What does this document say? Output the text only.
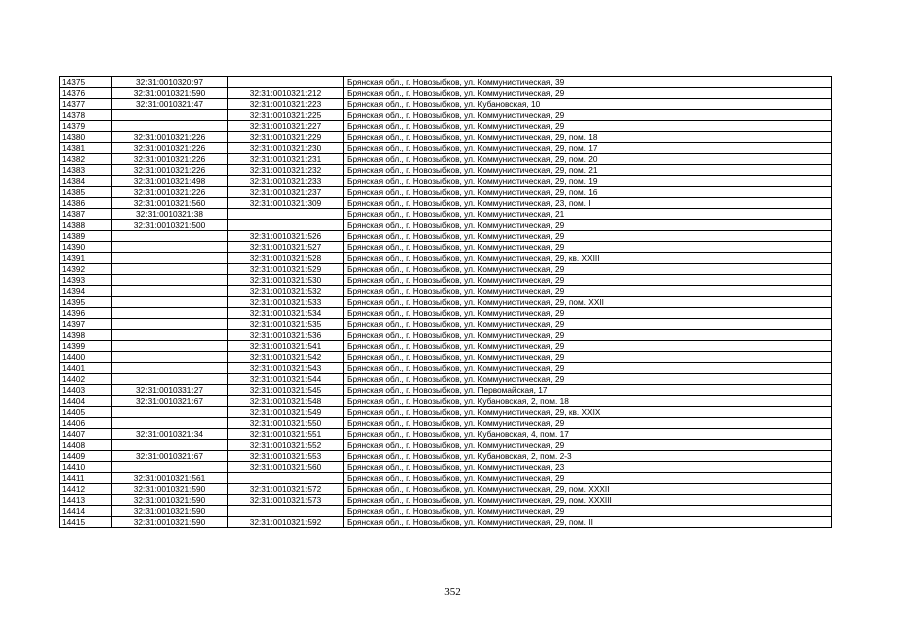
14375	32:31:0010320:97		Брянская обл., г. Новозыбков, ул. Коммунистическая, 39
14376	32:31:0010321:590	32:31:0010321:212	Брянская обл., г. Новозыбков, ул. Коммунистическая, 29
14377	32:31:0010321:47	32:31:0010321:223	Брянская обл., г. Новозыбков, ул. Кубановская, 10
14378		32:31:0010321:225	Брянская обл., г. Новозыбков, ул. Коммунистическая, 29
14379		32:31:0010321:227	Брянская обл., г. Новозыбков, ул. Коммунистическая, 29
14380	32:31:0010321:226	32:31:0010321:229	Брянская обл., г. Новозыбков, ул. Коммунистическая, 29, пом. 18
14381	32:31:0010321:226	32:31:0010321:230	Брянская обл., г. Новозыбков, ул. Коммунистическая, 29, пом. 17
14382	32:31:0010321:226	32:31:0010321:231	Брянская обл., г. Новозыбков, ул. Коммунистическая, 29, пом. 20
14383	32:31:0010321:226	32:31:0010321:232	Брянская обл., г. Новозыбков, ул. Коммунистическая, 29, пом. 21
14384	32:31:0010321:498	32:31:0010321:233	Брянская обл., г. Новозыбков, ул. Коммунистическая, 29, пом. 19
14385	32:31:0010321:226	32:31:0010321:237	Брянская обл., г. Новозыбков, ул. Коммунистическая, 29, пом. 16
14386	32:31:0010321:560	32:31:0010321:309	Брянская обл., г. Новозыбков, ул. Коммунистическая, 23, пом. I
14387	32:31:0010321:38		Брянская обл., г. Новозыбков, ул. Коммунистическая, 21
14388	32:31:0010321:500		Брянская обл., г. Новозыбков, ул. Коммунистическая, 29
14389		32:31:0010321:526	Брянская обл., г. Новозыбков, ул. Коммунистическая, 29
14390		32:31:0010321:527	Брянская обл., г. Новозыбков, ул. Коммунистическая, 29
14391		32:31:0010321:528	Брянская обл., г. Новозыбков, ул. Коммунистическая, 29, кв. XXIII
14392		32:31:0010321:529	Брянская обл., г. Новозыбков, ул. Коммунистическая, 29
14393		32:31:0010321:530	Брянская обл., г. Новозыбков, ул. Коммунистическая, 29
14394		32:31:0010321:532	Брянская обл., г. Новозыбков, ул. Коммунистическая, 29
14395		32:31:0010321:533	Брянская обл., г. Новозыбков, ул. Коммунистическая, 29, пом. XXII
14396		32:31:0010321:534	Брянская обл., г. Новозыбков, ул. Коммунистическая, 29
14397		32:31:0010321:535	Брянская обл., г. Новозыбков, ул. Коммунистическая, 29
14398		32:31:0010321:536	Брянская обл., г. Новозыбков, ул. Коммунистическая, 29
14399		32:31:0010321:541	Брянская обл., г. Новозыбков, ул. Коммунистическая, 29
14400		32:31:0010321:542	Брянская обл., г. Новозыбков, ул. Коммунистическая, 29
14401		32:31:0010321:543	Брянская обл., г. Новозыбков, ул. Коммунистическая, 29
14402		32:31:0010321:544	Брянская обл., г. Новозыбков, ул. Коммунистическая, 29
14403	32:31:0010331:27	32:31:0010321:545	Брянская обл., г. Новозыбков, ул. Первомайская, 17
14404	32:31:0010321:67	32:31:0010321:548	Брянская обл., г. Новозыбков, ул. Кубановская, 2, пом. 18
14405		32:31:0010321:549	Брянская обл., г. Новозыбков, ул. Коммунистическая, 29, кв. XXIX
14406		32:31:0010321:550	Брянская обл., г. Новозыбков, ул. Коммунистическая, 29
14407	32:31:0010321:34	32:31:0010321:551	Брянская обл., г. Новозыбков, ул. Кубановская, 4, пом. 17
14408		32:31:0010321:552	Брянская обл., г. Новозыбков, ул. Коммунистическая, 29
14409	32:31:0010321:67	32:31:0010321:553	Брянская обл., г. Новозыбков, ул. Кубановская, 2, пом. 2-3
14410		32:31:0010321:560	Брянская обл., г. Новозыбков, ул. Коммунистическая, 23
14411	32:31:0010321:561		Брянская обл., г. Новозыбков, ул. Коммунистическая, 29
14412	32:31:0010321:590	32:31:0010321:572	Брянская обл., г. Новозыбков, ул. Коммунистическая, 29, пом. XXXII
14413	32:31:0010321:590	32:31:0010321:573	Брянская обл., г. Новозыбков, ул. Коммунистическая, 29, пом. XXXIII
14414	32:31:0010321:590		Брянская обл., г. Новозыбков, ул. Коммунистическая, 29
14415	32:31:0010321:590	32:31:0010321:592	Брянская обл., г. Новозыбков, ул. Коммунистическая, 29, пом. II
352
